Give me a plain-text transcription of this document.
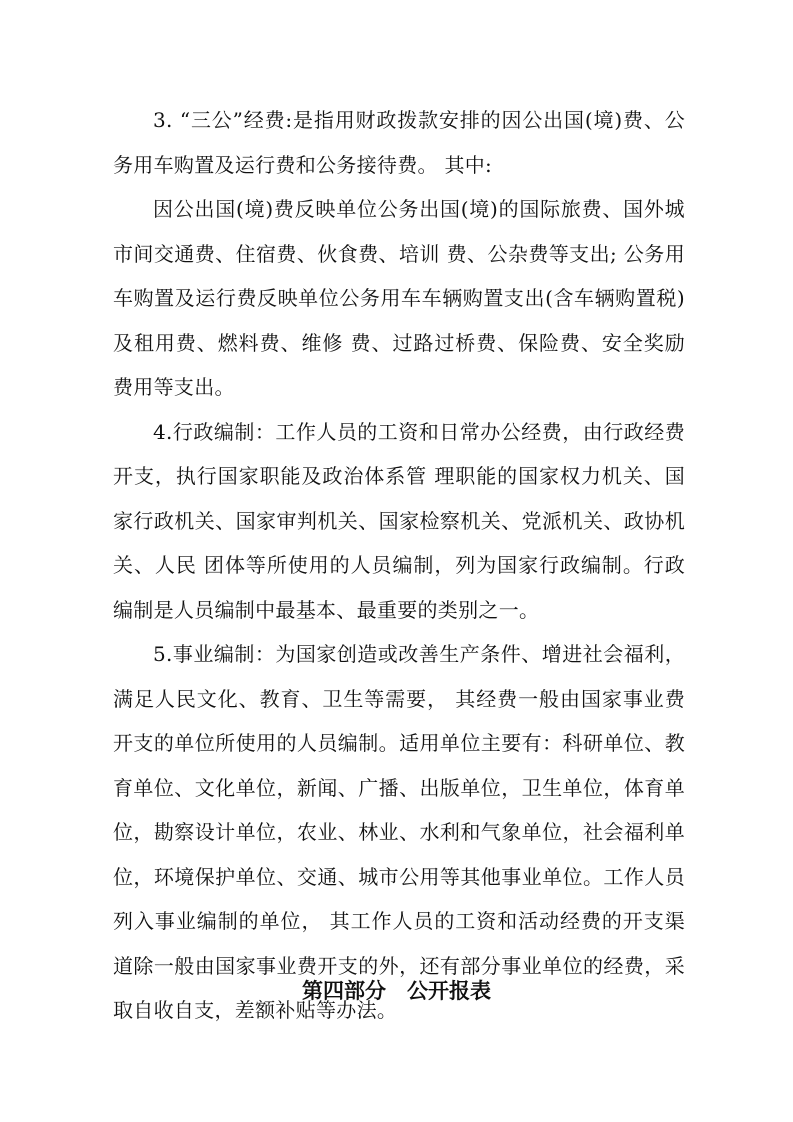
3. “三公”经费:是指用财政拨款安排的因公出国(境)费、公务用车购置及运行费和公务接待费。 其中:

因公出国(境)费反映单位公务出国(境)的国际旅费、国外城市间交通费、住宿费、伙食费、培训 费、公杂费等支出; 公务用车购置及运行费反映单位公务用车车辆购置支出(含车辆购置税)及租用费、燃料费、维修 费、过路过桥费、保险费、安全奖励费用等支出。

4.行政编制：工作人员的工资和日常办公经费，由行政经费开支，执行国家职能及政治体系管 理职能的国家权力机关、国家行政机关、国家审判机关、国家检察机关、党派机关、政协机关、人民 团体等所使用的人员编制，列为国家行政编制。行政编制是人员编制中最基本、最重要的类别之一。

5.事业编制：为国家创造或改善生产条件、增进社会福利，满足人民文化、教育、卫生等需要， 其经费一般由国家事业费开支的单位所使用的人员编制。适用单位主要有：科研单位、教育单位、文化单位，新闻、广播、出版单位，卫生单位，体育单位，勘察设计单位，农业、林业、水利和气象单位，社会福利单位，环境保护单位、交通、城市公用等其他事业单位。工作人员列入事业编制的单位， 其工作人员的工资和活动经费的开支渠道除一般由国家事业费开支的外，还有部分事业单位的经费，采取自收自支，差额补贴等办法。

第四部分　公开报表
